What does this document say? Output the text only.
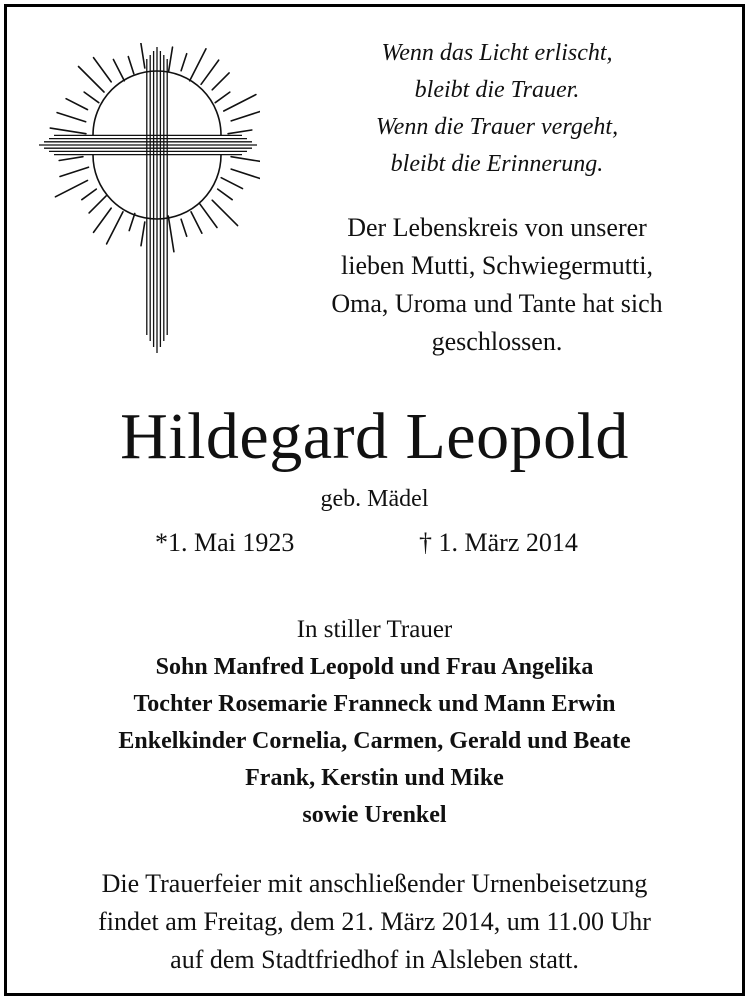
Wenn das Licht erlischt,
bleibt die Trauer.
Wenn die Trauer vergeht,
bleibt die Erinnerung.
Der Lebenskreis von unserer
lieben Mutti, Schwiegermutti,
Oma, Uroma und Tante hat sich
geschlossen.
Hildegard Leopold
geb. Mädel
*1. Mai 1923	† 1. März 2014
In stiller Trauer
Sohn Manfred Leopold und Frau Angelika
Tochter Rosemarie Franneck und Mann Erwin
Enkelkinder Cornelia, Carmen, Gerald und Beate
Frank, Kerstin und Mike
sowie Urenkel
Die Trauerfeier mit anschließender Urnenbeisetzung
findet am Freitag, dem 21. März 2014, um 11.00 Uhr
auf dem Stadtfriedhof in Alsleben statt.
